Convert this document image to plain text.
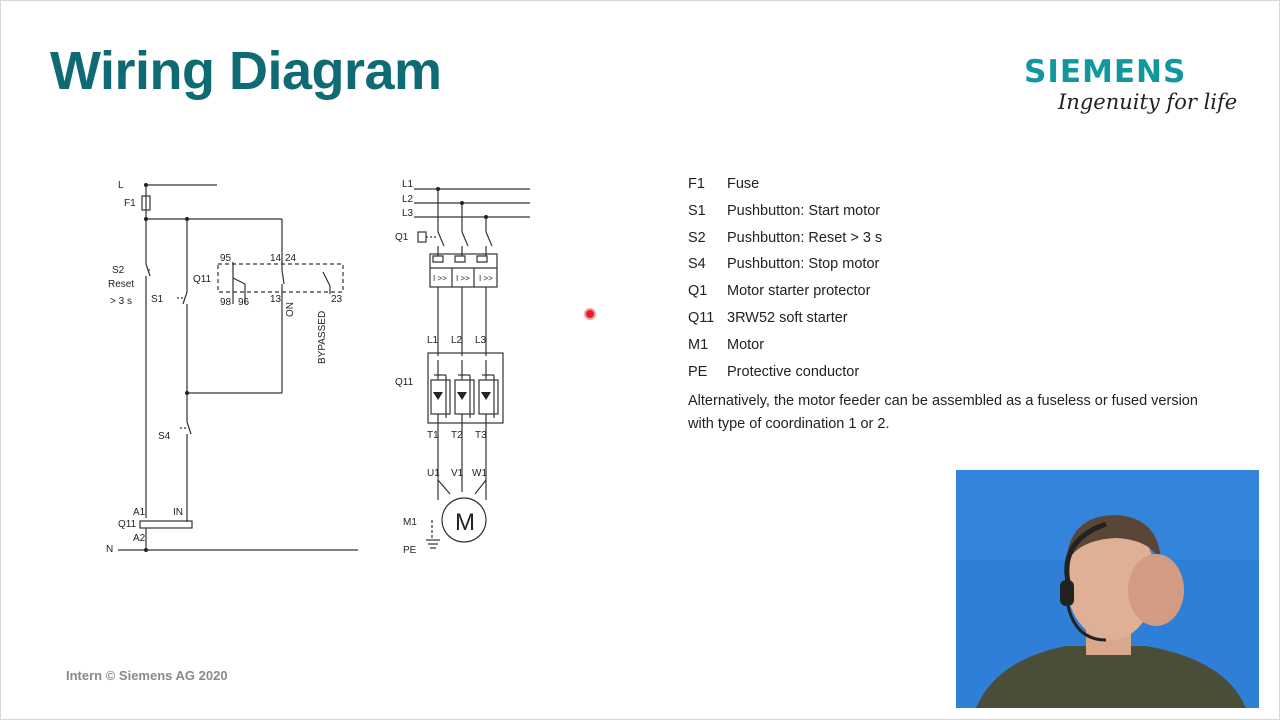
Wiring Diagram	SIEMENS
Ingenuity for life
L
F1
S2
Reset
> 3 s S1
Q11
95
98 96
14 24
13
ON
BYPASSED
23
S4
A1	IN
Q11
A2
N
L1
L2
L3
Q1
I >> I >> I >>
L1 L2 L3
Q11
T1 T2 T3
U1 V1 W1
M1 M
PE
F1 Fuse
S1 Pushbutton: Start motor
S2 Pushbutton: Reset > 3 s
S4 Pushbutton: Stop motor
Q1 Motor starter protector
Q11 3RW52 soft starter
M1 Motor
PE Protective conductor
Alternatively, the motor feeder can be assembled as a fuseless or fused version with type of coordination 1 or 2.
Intern © Siemens AG 2020
